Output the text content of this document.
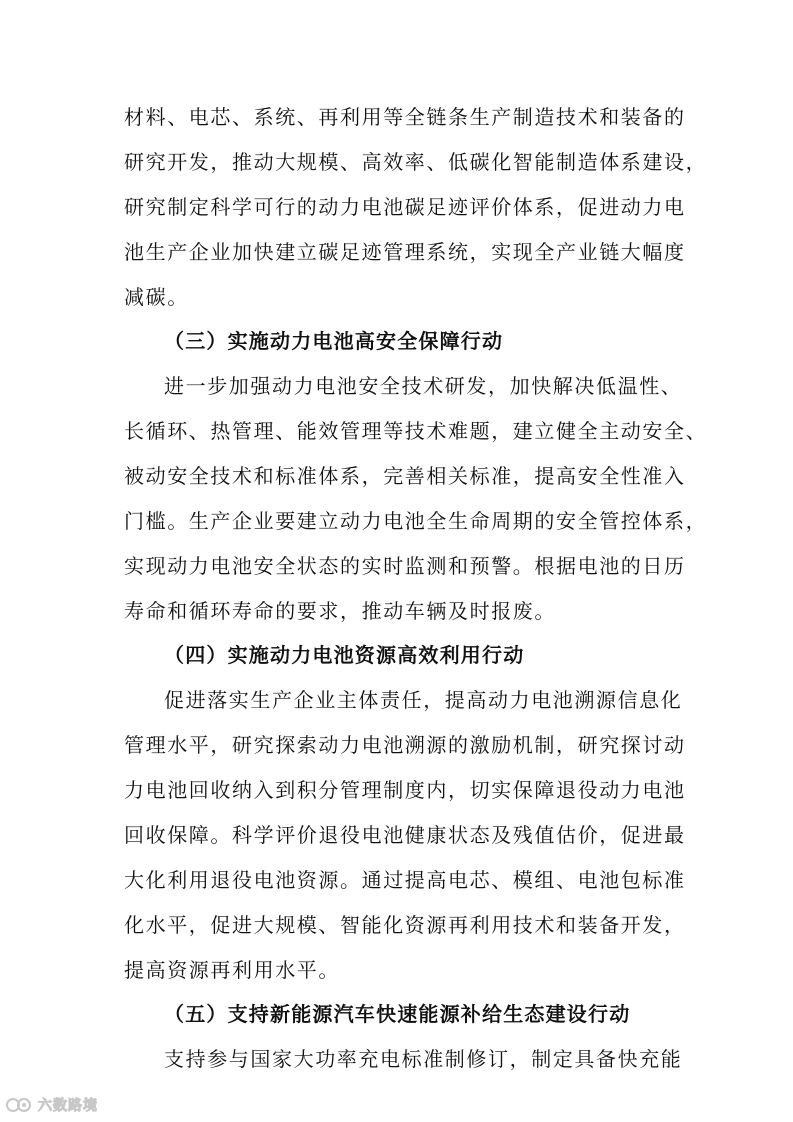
材料、电芯、系统、再利用等全链条生产制造技术和装备的
研究开发，推动大规模、高效率、低碳化智能制造体系建设，
研究制定科学可行的动力电池碳足迹评价体系，促进动力电
池生产企业加快建立碳足迹管理系统，实现全产业链大幅度
减碳。
（三）实施动力电池高安全保障行动
进一步加强动力电池安全技术研发，加快解决低温性、
长循环、热管理、能效管理等技术难题，建立健全主动安全、
被动安全技术和标准体系，完善相关标准，提高安全性准入
门槛。生产企业要建立动力电池全生命周期的安全管控体系，
实现动力电池安全状态的实时监测和预警。根据电池的日历
寿命和循环寿命的要求，推动车辆及时报废。
（四）实施动力电池资源高效利用行动
促进落实生产企业主体责任，提高动力电池溯源信息化
管理水平，研究探索动力电池溯源的激励机制，研究探讨动
力电池回收纳入到积分管理制度内，切实保障退役动力电池
回收保障。科学评价退役电池健康状态及残值估价，促进最
大化利用退役电池资源。通过提高电芯、模组、电池包标准
化水平，促进大规模、智能化资源再利用技术和装备开发，
提高资源再利用水平。
（五）支持新能源汽车快速能源补给生态建设行动
支持参与国家大功率充电标准制修订，制定具备快充能
六数路境
